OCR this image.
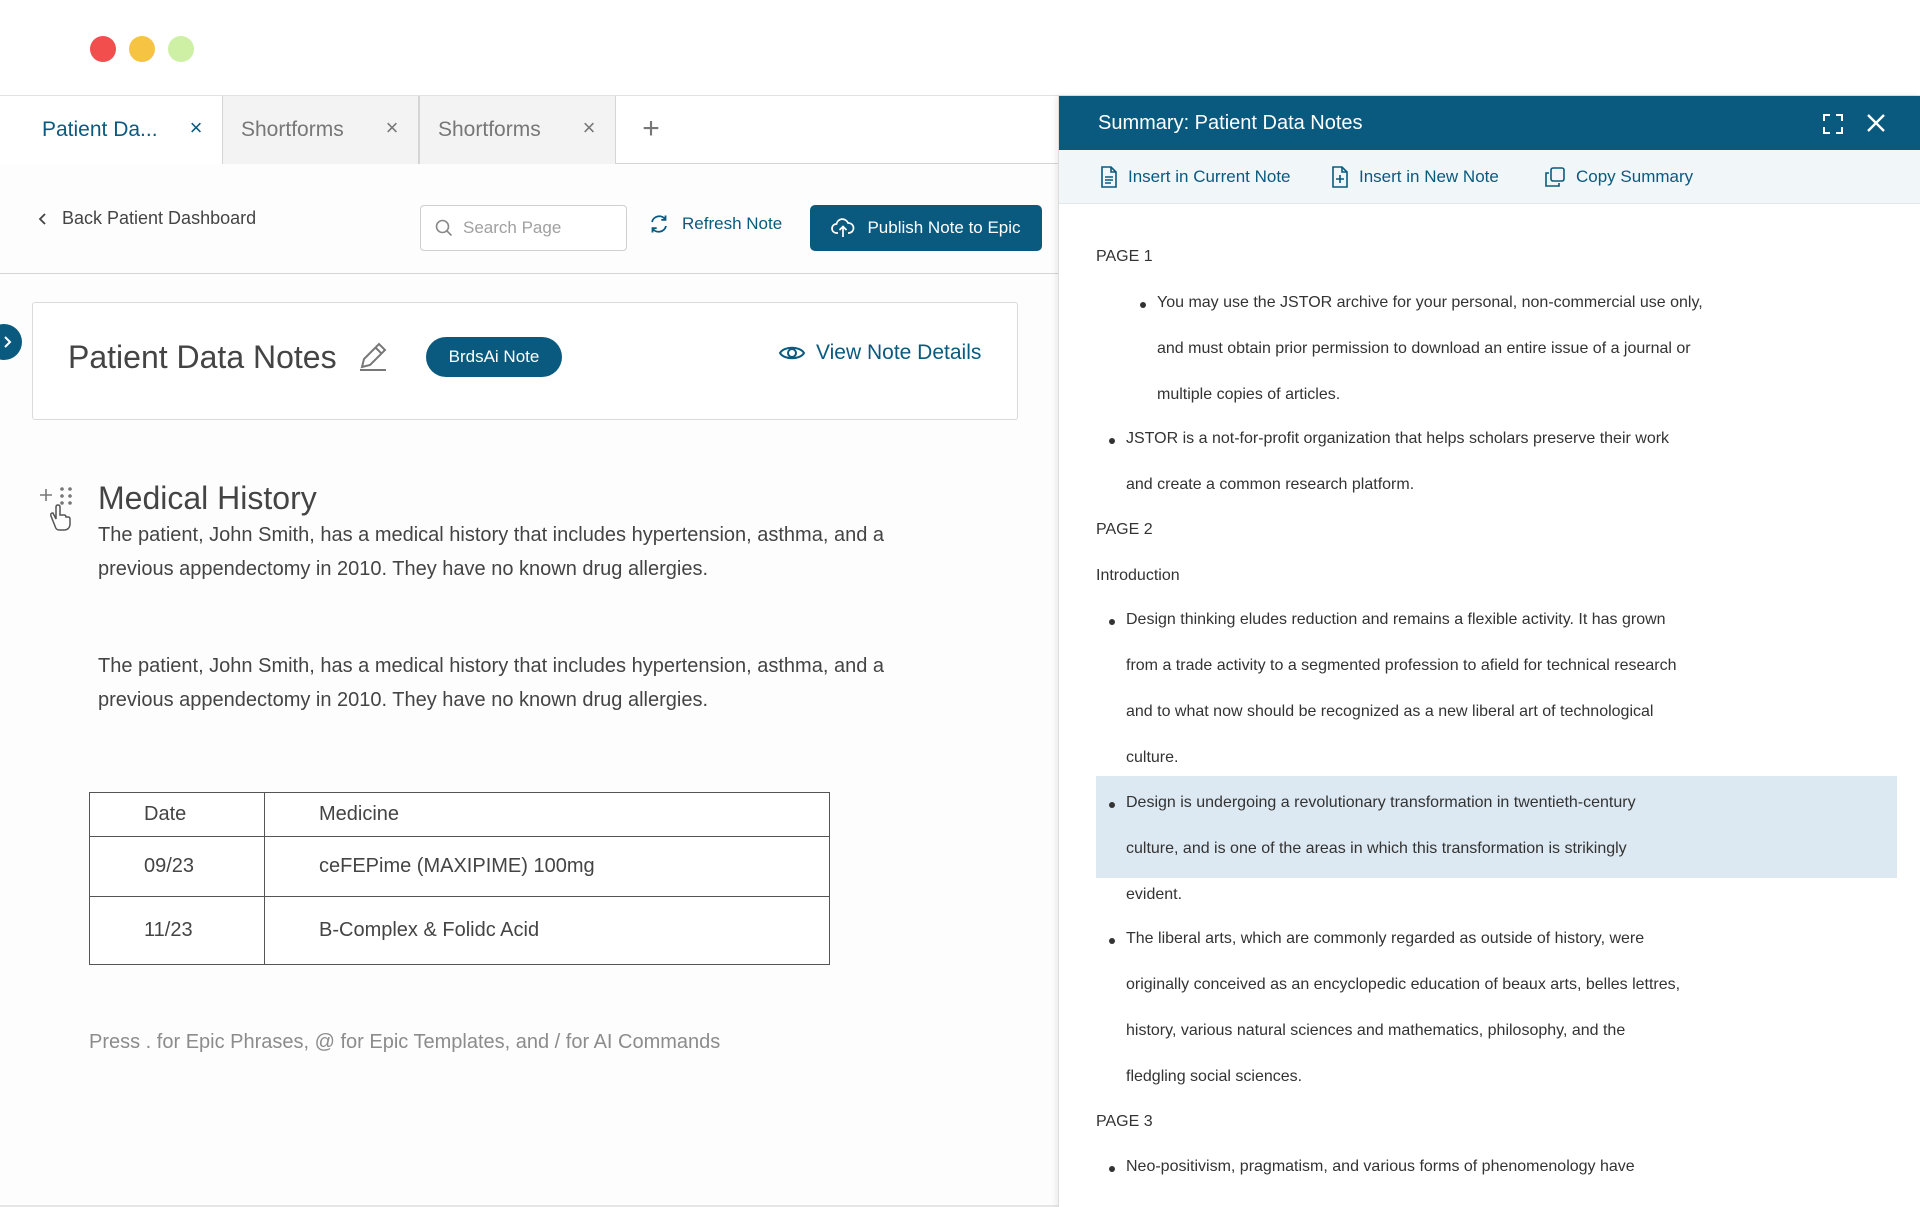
Patient Da... × Shortforms × Shortforms × +
Back Patient Dashboard
Search Page	Refresh Note	Publish Note to Epic
Patient Data Notes	BrdsAi Note	View Note Details
Medical History
The patient, John Smith, has a medical history that includes hypertension, asthma, and a previous appendectomy in 2010. They have no known drug allergies.
The patient, John Smith, has a medical history that includes hypertension, asthma, and a previous appendectomy in 2010. They have no known drug allergies.
Date	Medicine
09/23	ceFEPime (MAXIPIME) 100mg
11/23	B-Complex & Folidc Acid
Press . for Epic Phrases, @ for Epic Templates, and / for AI Commands
Summary: Patient Data Notes
Insert in Current Note	Insert in New Note	Copy Summary
PAGE 1
You may use the JSTOR archive for your personal, non-commercial use only,
and must obtain prior permission to download an entire issue of a journal or
multiple copies of articles.
JSTOR is a not-for-profit organization that helps scholars preserve their work
and create a common research platform.
PAGE 2
Introduction
Design thinking eludes reduction and remains a flexible activity. It has grown
from a trade activity to a segmented profession to afield for technical research
and to what now should be recognized as a new liberal art of technological
culture.
Design is undergoing a revolutionary transformation in twentieth-century
culture, and is one of the areas in which this transformation is strikingly
evident.
The liberal arts, which are commonly regarded as outside of history, were
originally conceived as an encyclopedic education of beaux arts, belles lettres,
history, various natural sciences and mathematics, philosophy, and the
fledgling social sciences.
PAGE 3
Neo-positivism, pragmatism, and various forms of phenomenology have
